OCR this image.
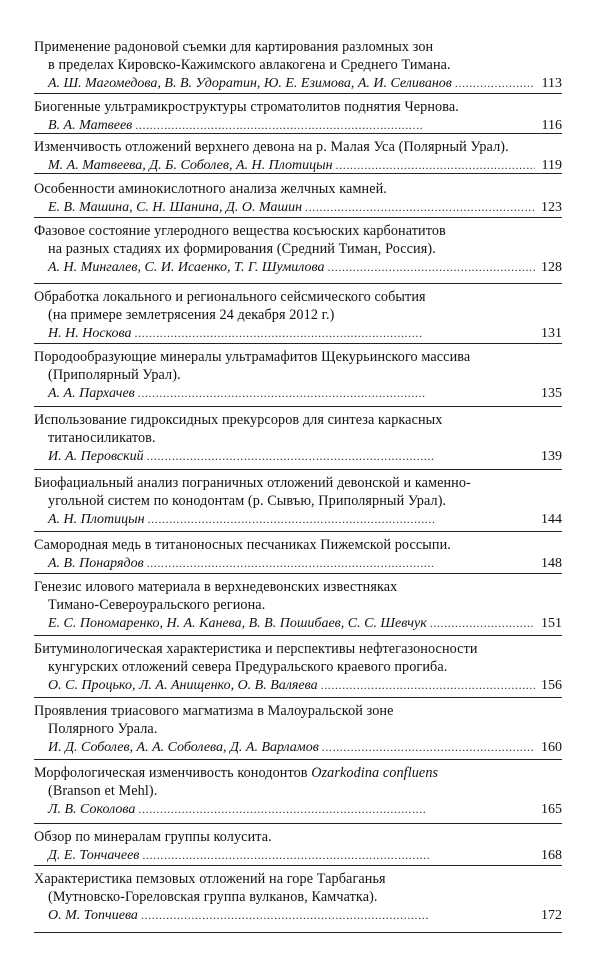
Применение радоновой съемки для картирования разломных зон
в пределах Кировско-Кажимского авлакогена и Среднего Тимана.
А. Ш. Магомедова, В. В. Удоратин, Ю. Е. Езимова, А. И. Селиванов . . .	113
Биогенные ультрамикроструктуры строматолитов поднятия Чернова.
В. А. Матвеев . . .	116
Изменчивость отложений верхнего девона на р. Малая Уса (Полярный Урал).
М. А. Матвеева, Д. Б. Соболев, А. Н. Плотицын . . .	119
Особенности аминокислотного анализа желчных камней.
Е. В. Машина, С. Н. Шанина, Д. О. Машин . . .	123
Фазовое состояние углеродного вещества косъюских карбонатитов
на разных стадиях их формирования (Средний Тиман, Россия).
А. Н. Мингалев, С. И. Исаенко, Т. Г. Шумилова . . .	128
Обработка локального и регионального сейсмического события
(на примере землетрясения 24 декабря 2012 г.)
Н. Н. Носкова . . .	131
Породообразующие минералы ультрамафитов Щекурьинского массива
(Приполярный Урал).
А. А. Пархачев . . .	135
Использование гидроксидных прекурсоров для синтеза каркасных
титаносиликатов.
И. А. Перовский . . .	139
Биофациальный анализ пограничных отложений девонской и каменно-
угольной систем по конодонтам (р. Сывъю, Приполярный Урал).
А. Н. Плотицын . . .	144
Самородная медь в титаноносных песчаниках Пижемской россыпи.
А. В. Понарядов . . .	148
Генезис илового материала в верхнедевонских известняках
Тимано-Североуральского региона.
Е. С. Пономаренко, Н. А. Канева, В. В. Пошибаев, С. С. Шевчук . . .	151
Битуминологическая характеристика и перспективы нефтегазоносности
кунгурских отложений севера Предуральского краевого прогиба.
О. С. Процько, Л. А. Анищенко, О. В. Валяева . . .	156
Проявления триасового магматизма в Малоуральской зоне
Полярного Урала.
И. Д. Соболев, А. А. Соболева, Д. А. Варламов . . .	160
Морфологическая изменчивость конодонтов Ozarkodina confluens
(Branson et Mehl).
Л. В. Соколова . . .	165
Обзор по минералам группы колусита.
Д. Е. Тончачеев . . .	168
Характеристика пемзовых отложений на горе Тарбаганья
(Мутновско-Гореловская группа вулканов, Камчатка).
О. М. Топчиева . . .	172
